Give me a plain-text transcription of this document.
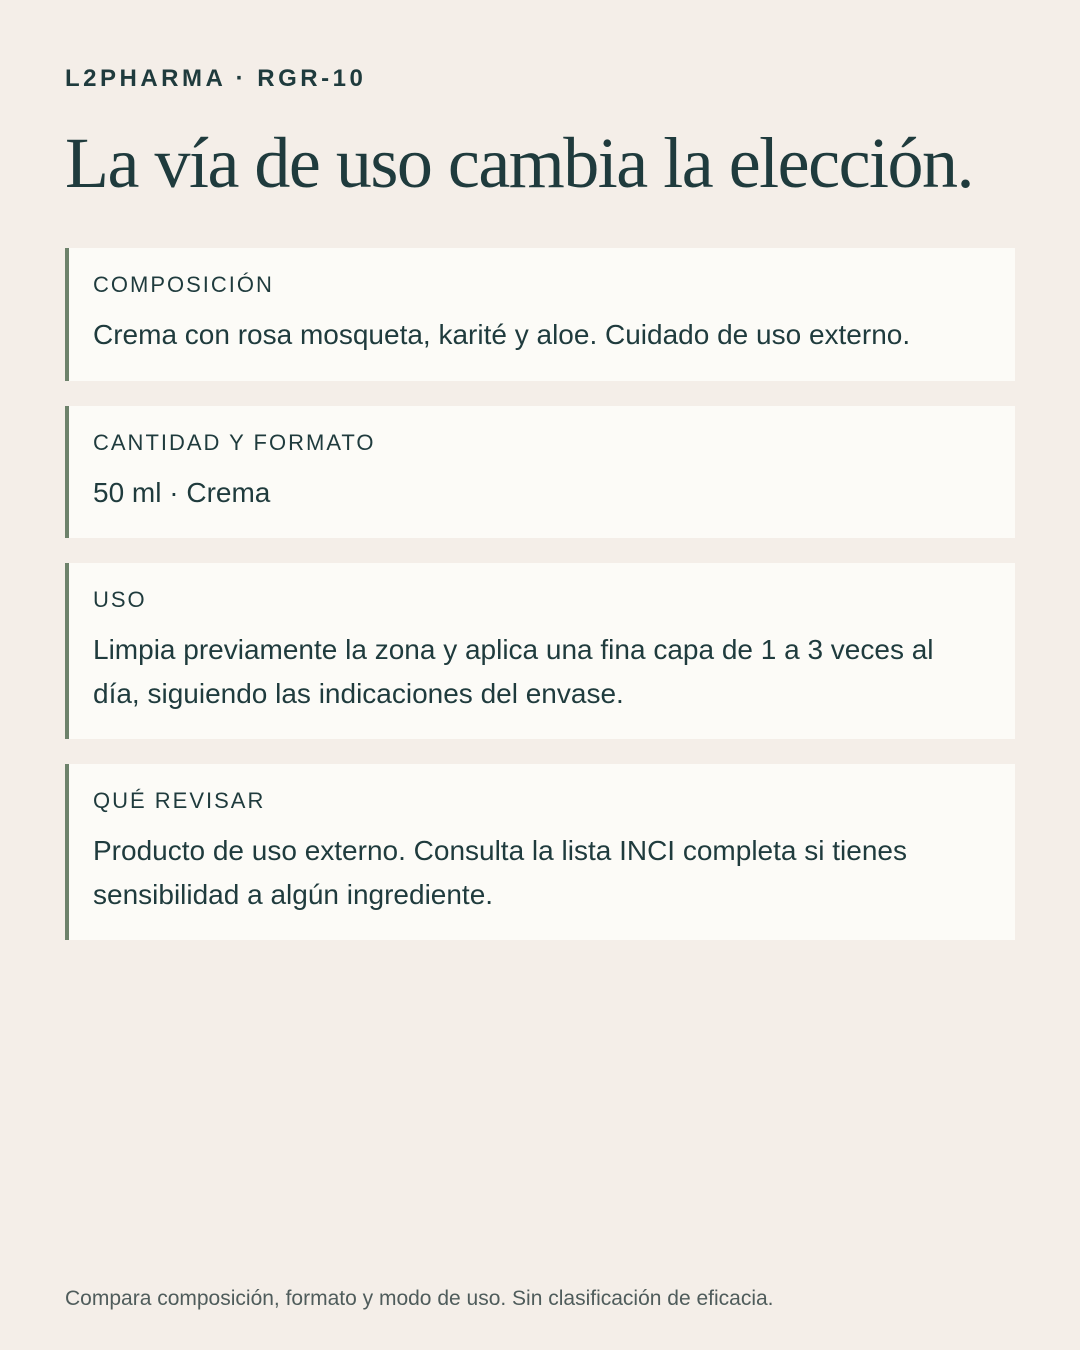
L2PHARMA · RGR-10
La vía de uso cambia la elección.
COMPOSICIÓN
Crema con rosa mosqueta, karité y aloe. Cuidado de uso externo.
CANTIDAD Y FORMATO
50 ml · Crema
USO
Limpia previamente la zona y aplica una fina capa de 1 a 3 veces al día, siguiendo las indicaciones del envase.
QUÉ REVISAR
Producto de uso externo. Consulta la lista INCI completa si tienes sensibilidad a algún ingrediente.
Compara composición, formato y modo de uso. Sin clasificación de eficacia.
